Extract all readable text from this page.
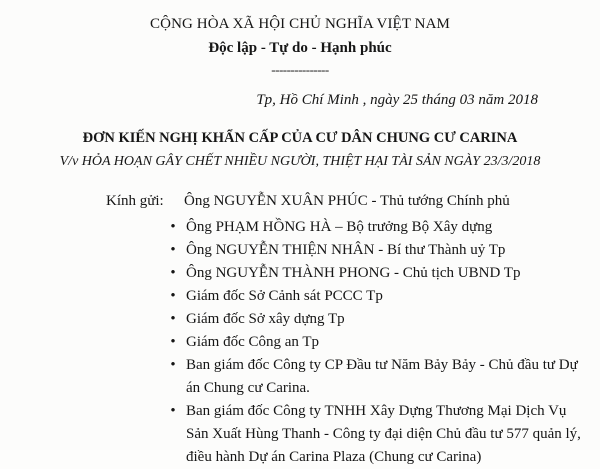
CỘNG HÒA XÃ HỘI CHỦ NGHĨA VIỆT NAM
Độc lập - Tự do - Hạnh phúc
---------------
Tp, Hồ Chí Minh , ngày 25 tháng 03 năm 2018
ĐƠN KIẾN NGHỊ KHẨN CẤP CỦA CƯ DÂN CHUNG CƯ CARINA
V/v HỎA HOẠN GÂY CHẾT NHIỀU NGƯỜI, THIỆT HẠI TÀI SẢN NGÀY 23/3/2018
Kính gửi: Ông NGUYỄN XUÂN PHÚC - Thủ tướng Chính phủ
• Ông PHẠM HỒNG HÀ – Bộ trưởng Bộ Xây dựng
• Ông NGUYỄN THIỆN NHÂN - Bí thư Thành uỷ Tp
• Ông NGUYỄN THÀNH PHONG - Chủ tịch UBND Tp
• Giám đốc Sở Cảnh sát PCCC Tp
• Giám đốc Sở xây dựng Tp
• Giám đốc Công an Tp
• Ban giám đốc Công ty CP Đầu tư Năm Bảy Bảy - Chủ đầu tư Dự án Chung cư Carina.
• Ban giám đốc Công ty TNHH Xây Dựng Thương Mại Dịch Vụ Sản Xuất Hùng Thanh - Công ty đại diện Chủ đầu tư 577 quản lý, điều hành Dự án Carina Plaza (Chung cư Carina)
